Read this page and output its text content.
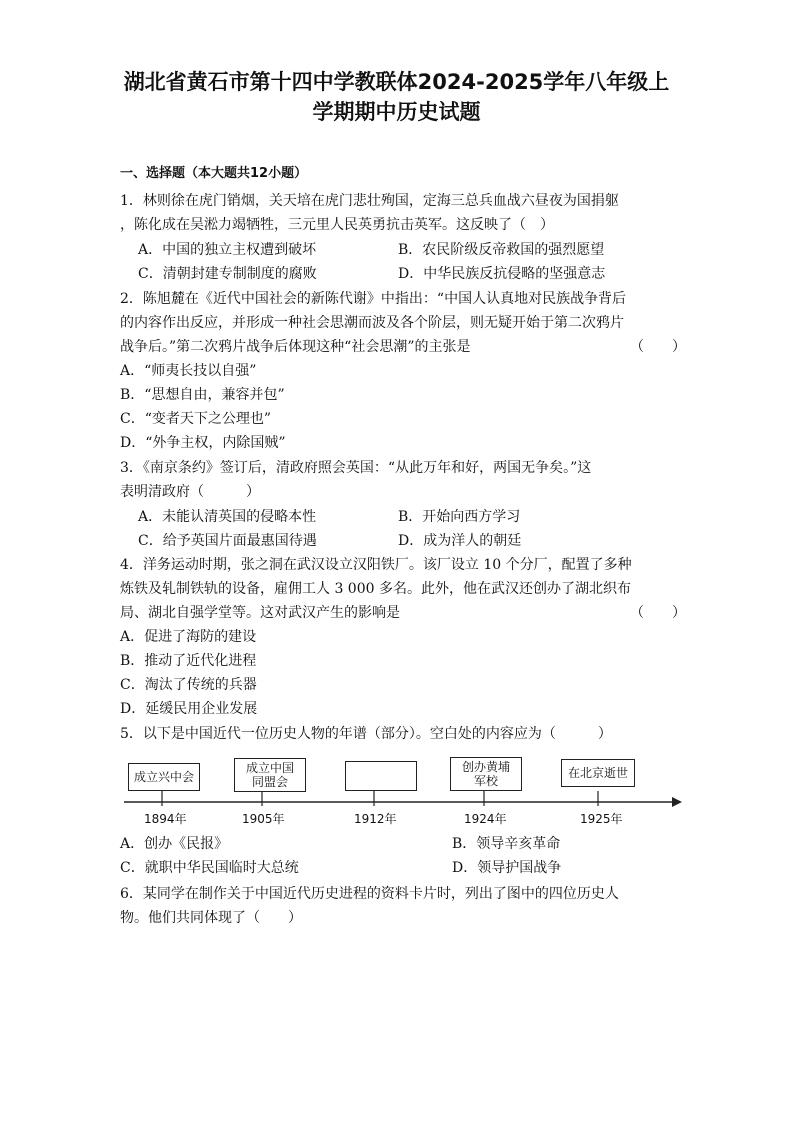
湖北省黄石市第十四中学教联体2024-2025学年八年级上
学期期中历史试题
一、选择题（本大题共12小题）
1．林则徐在虎门销烟，关天培在虎门悲壮殉国，定海三总兵血战六昼夜为国捐躯
，陈化成在吴淞力竭牺牲，三元里人民英勇抗击英军。这反映了（　）
A．中国的独立主权遭到破坏	B．农民阶级反帝救国的强烈愿望
C．清朝封建专制制度的腐败	D．中华民族反抗侵略的坚强意志
2．陈旭麓在《近代中国社会的新陈代谢》中指出：“中国人认真地对民族战争背后
的内容作出反应，并形成一种社会思潮而波及各个阶层，则无疑开始于第二次鸦片
战争后。”第二次鸦片战争后体现这种“社会思潮”的主张是	（　　）
A．“师夷长技以自强”
B．“思想自由，兼容并包”
C．“变者天下之公理也”
D．“外争主权，内除国贼”
3．《南京条约》签订后，清政府照会英国：“从此万年和好，两国无争矣。”这
表明清政府（　　　）
A．未能认清英国的侵略本性	B．开始向西方学习
C．给予英国片面最惠国待遇	D．成为洋人的朝廷
4．洋务运动时期，张之洞在武汉设立汉阳铁厂。该厂设立 10 个分厂，配置了多种
炼铁及轧制铁轨的设备，雇佣工人 3 000 多名。此外，他在武汉还创办了湖北织布
局、湖北自强学堂等。这对武汉产生的影响是	（　　）
A．促进了海防的建设
B．推动了近代化进程
C．淘汰了传统的兵器
D．延缓民用企业发展
5．以下是中国近代一位历史人物的年谱（部分）。空白处的内容应为（　　　）
成立兴中会
成立中国
同盟会
创办黄埔
军校
在北京逝世
1894年	1905年	1912年	1924年	1925年
A．创办《民报》	B．领导辛亥革命
C．就职中华民国临时大总统	D．领导护国战争
6．某同学在制作关于中国近代历史进程的资料卡片时，列出了图中的四位历史人
物。他们共同体现了（　　）
